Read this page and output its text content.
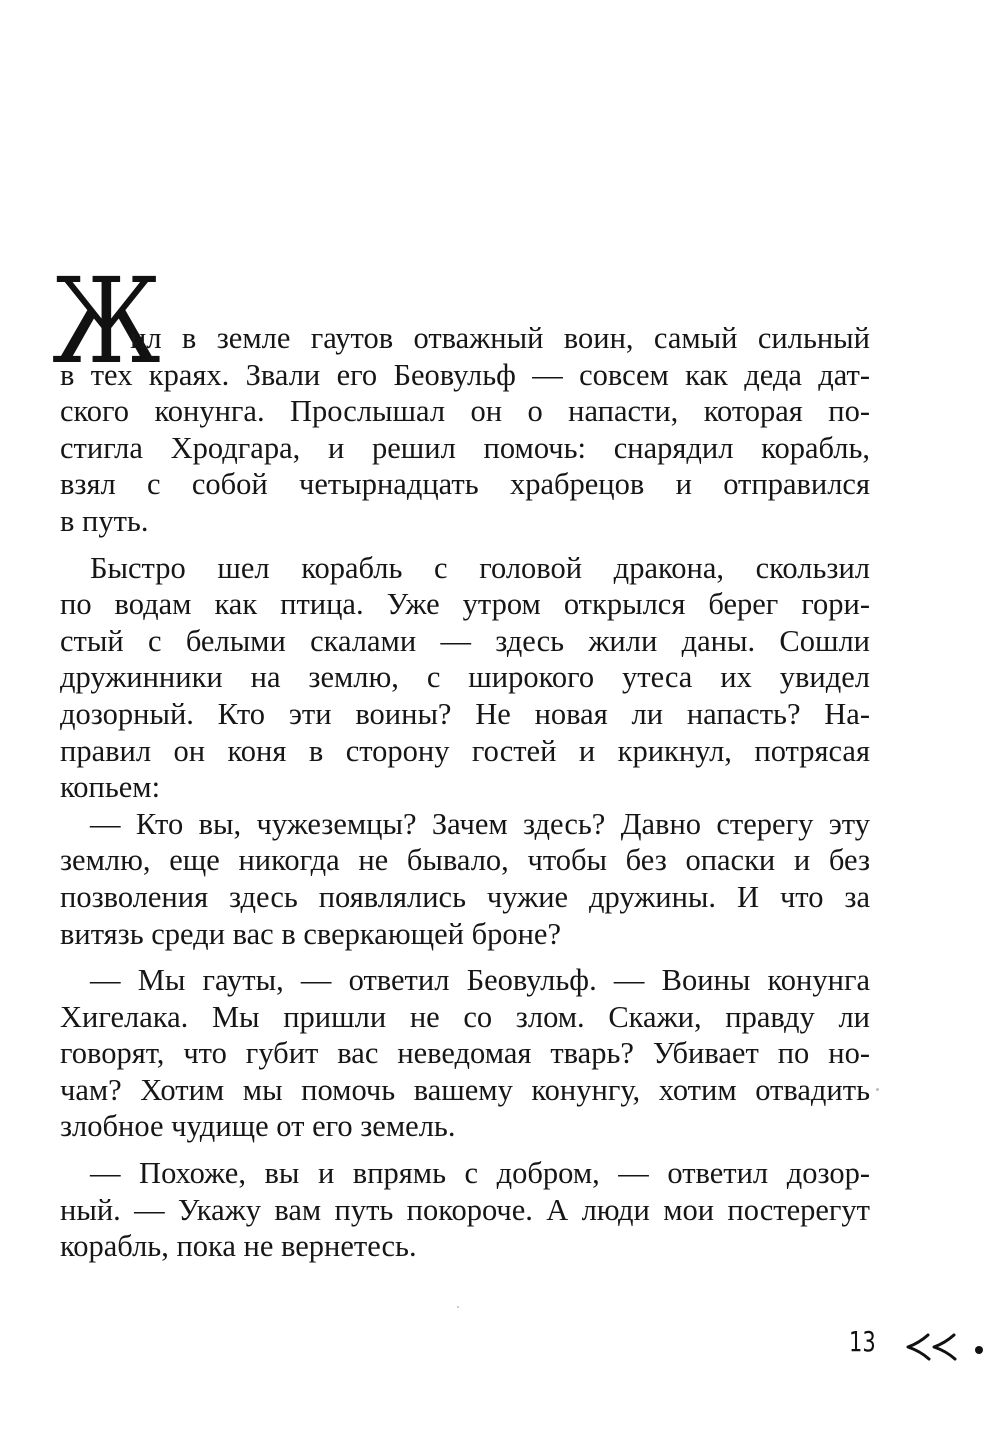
Ж
ил в земле гаутов отважный воин, самый сильный
в тех краях. Звали его Беовульф — совсем как деда дат-
ского конунга. Прослышал он о напасти, которая по-
стигла Хродгара, и решил помочь: снарядил корабль,
взял с собой четырнадцать храбрецов и отправился
в путь.
Быстро шел корабль с головой дракона, скользил
по водам как птица. Уже утром открылся берег гори-
стый с белыми скалами — здесь жили даны. Сошли
дружинники на землю, с широкого утеса их увидел
дозорный. Кто эти воины? Не новая ли напасть? На-
правил он коня в сторону гостей и крикнул, потрясая
копьем:
— Кто вы, чужеземцы? Зачем здесь? Давно стерегу эту
землю, еще никогда не бывало, чтобы без опаски и без
позволения здесь появлялись чужие дружины. И что за
витязь среди вас в сверкающей броне?
— Мы гауты, — ответил Беовульф. — Воины конунга
Хигелака. Мы пришли не со злом. Скажи, правду ли
говорят, что губит вас неведомая тварь? Убивает по но-
чам? Хотим мы помочь вашему конунгу, хотим отвадить
злобное чудище от его земель.
— Похоже, вы и впрямь с добром, — ответил дозор-
ный. — Укажу вам путь покороче. А люди мои постерегут
корабль, пока не вернетесь.
13
